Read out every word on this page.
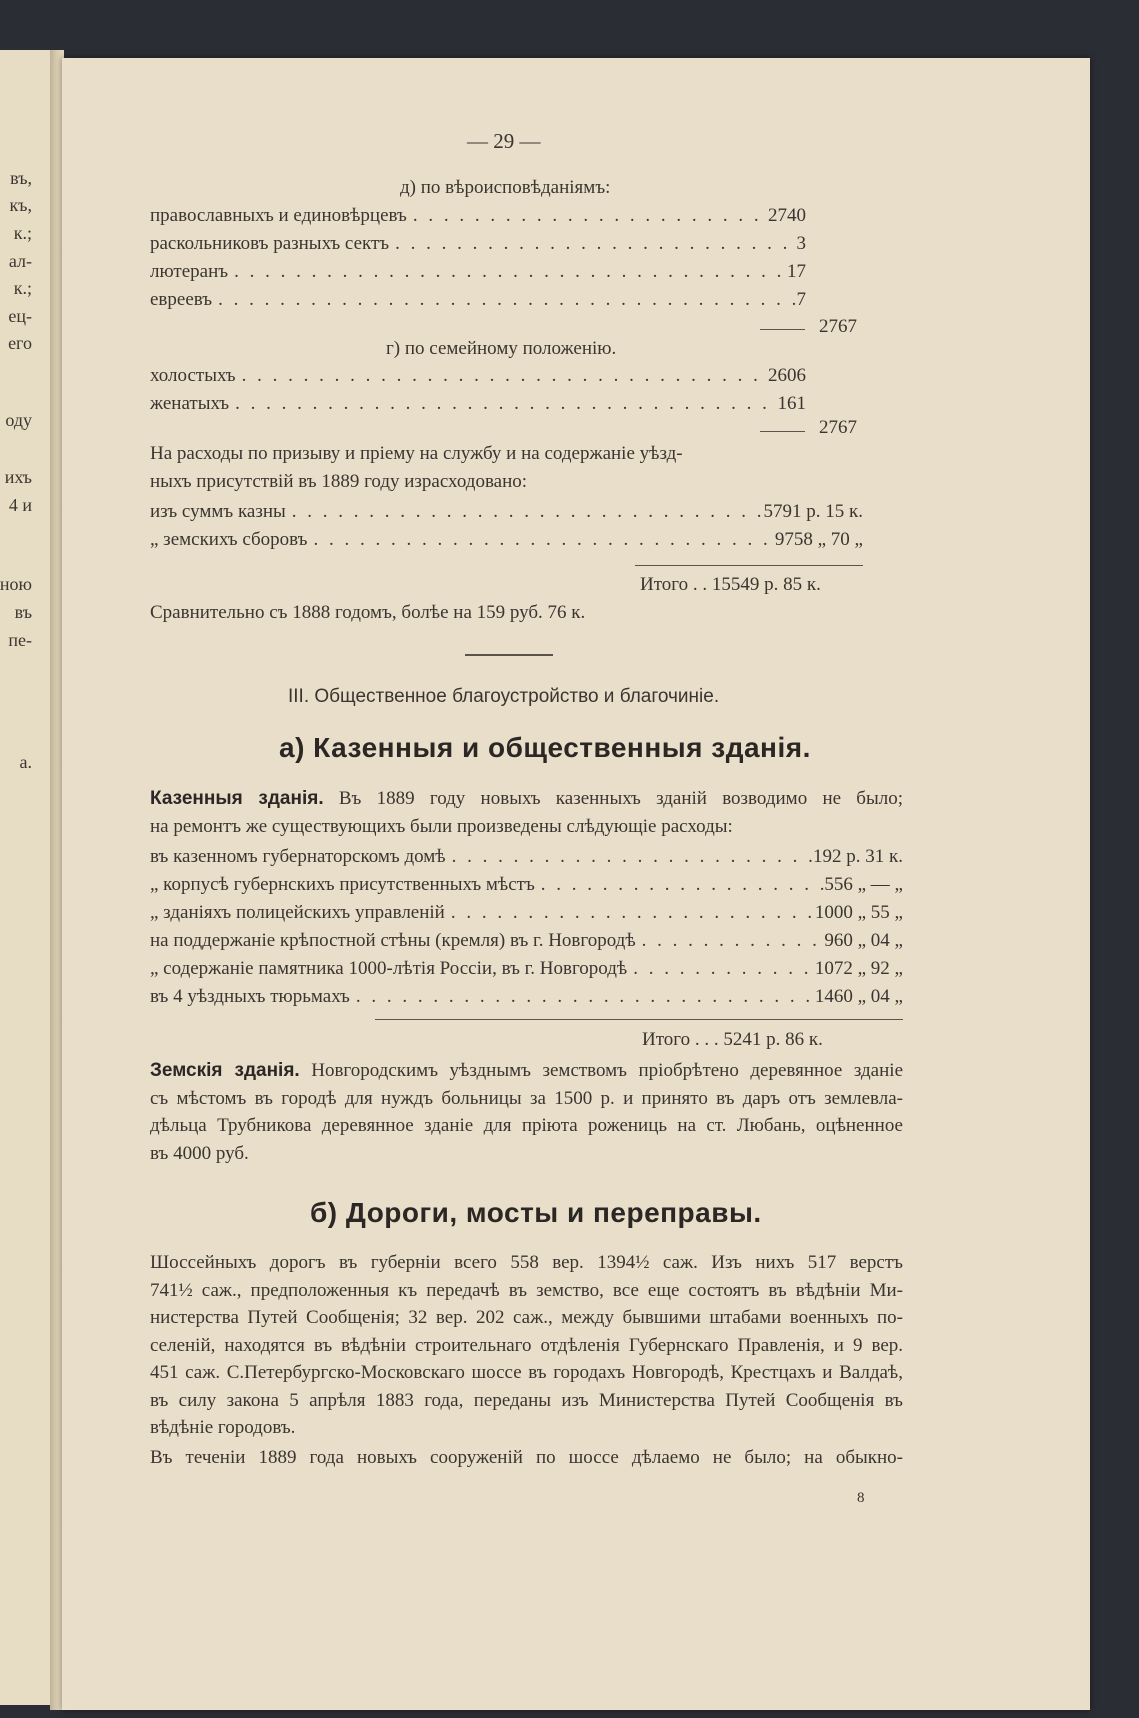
въ,
къ,
к.;
ал-
к.;
ец-
его
оду
ихъ
4 и
ною
въ
пе-
а.
— 29 —
д) по вѣроисповѣданіямъ:
православныхъ и единовѣрцевъ . . .	2740
раскольниковъ разныхъ сектъ . . .	3
лютеранъ . . .	17
евреевъ . . .	7
2767
г) по семейному положенію.
холостыхъ . . .	2606
женатыхъ . . .	161
2767
На расходы по призыву и пріему на службу и на содержаніе уѣзд-
ныхъ присутствій въ 1889 году израсходовано:
изъ суммъ казны . . .	5791 р. 15 к.
„ земскихъ сборовъ . . .	9758 „ 70 „
Итого . . 15549 р. 85 к.
Сравнительно съ 1888 годомъ, болѣе на 159 руб. 76 к.
III. Общественное благоустройство и благочиніе.
а) Казенныя и общественныя зданія.
Казенныя зданія. Въ 1889 году новыхъ казенныхъ зданій возводимо не было;
на ремонтъ же существующихъ были произведены слѣдующіе расходы:
въ казенномъ губернаторскомъ домѣ . . .	192 р. 31 к.
„ корпусѣ губернскихъ присутственныхъ мѣстъ . . .	556 „ — „
„ зданіяхъ полицейскихъ управленій . . .	1000 „ 55 „
на поддержаніе крѣпостной стѣны (кремля) въ г. Новгородѣ . . .	960 „ 04 „
„ содержаніе памятника 1000-лѣтія Россіи, въ г. Новгородѣ . . .	1072 „ 92 „
въ 4 уѣздныхъ тюрьмахъ . . .	1460 „ 04 „
Итого . . . 5241 р. 86 к.
Земскія зданія. Новгородскимъ уѣзднымъ земствомъ пріобрѣтено деревянное зданіе
съ мѣстомъ въ городѣ для нуждъ больницы за 1500 р. и принято въ даръ отъ землевла-
дѣльца Трубникова деревянное зданіе для пріюта рожениць на ст. Любань, оцѣненное
въ 4000 руб.
б) Дороги, мосты и переправы.
Шоссейныхъ дорогъ въ губерніи всего 558 вер. 1394½ саж. Изъ нихъ 517 верстъ
741½ саж., предположенныя къ передачѣ въ земство, все еще состоятъ въ вѣдѣніи Ми-
нистерства Путей Сообщенія; 32 вер. 202 саж., между бывшими штабами военныхъ по-
селеній, находятся въ вѣдѣніи строительнаго отдѣленія Губернскаго Правленія, и 9 вер.
451 саж. С.Петербургско-Московскаго шоссе въ городахъ Новгородѣ, Крестцахъ и Валдаѣ,
въ силу закона 5 апрѣля 1883 года, переданы изъ Министерства Путей Сообщенія въ
вѣдѣніе городовъ.
Въ теченіи 1889 года новыхъ сооруженій по шоссе дѣлаемо не было; на обыкно-
8
